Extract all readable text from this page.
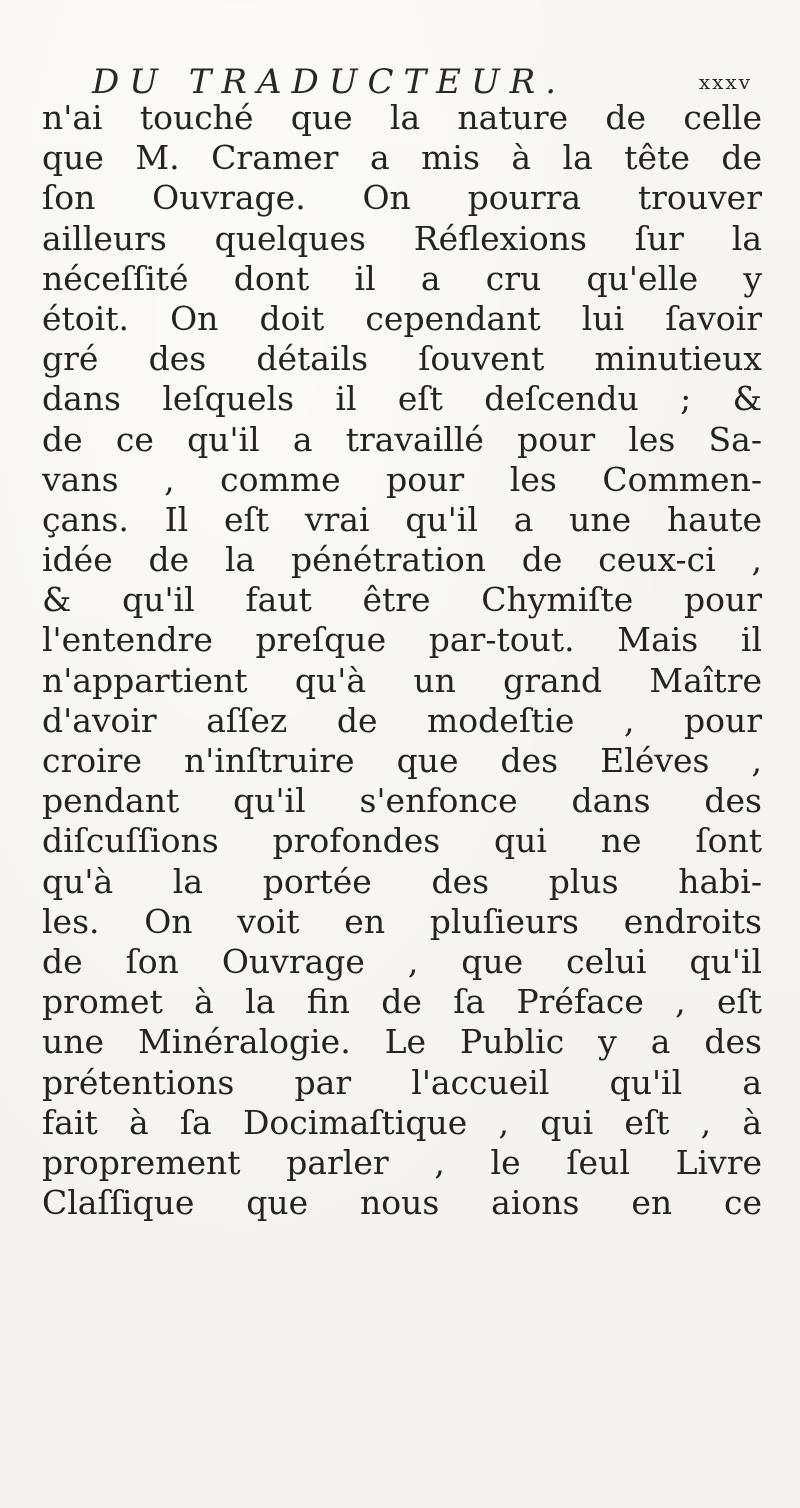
DU TRADUCTEUR.	xxxv
n'ai touché que la nature de celle
que M. Cramer a mis à la tête de
ſon Ouvrage. On pourra trouver
ailleurs quelques Réflexions ſur la
néceſſité dont il a cru qu'elle y
étoit. On doit cependant lui ſavoir
gré des détails ſouvent minutieux
dans leſquels il eſt deſcendu ; &
de ce qu'il a travaillé pour les Sa-
vans , comme pour les Commen-
çans. Il eſt vrai qu'il a une haute
idée de la pénétration de ceux-ci ,
& qu'il faut être Chymiſte pour
l'entendre preſque par-tout. Mais il
n'appartient qu'à un grand Maître
d'avoir aſſez de modeſtie , pour
croire n'inſtruire que des Eléves ,
pendant qu'il s'enfonce dans des
diſcuſſions profondes qui ne ſont
qu'à la portée des plus habi-
les. On voit en pluſieurs endroits
de ſon Ouvrage , que celui qu'il
promet à la fin de ſa Préface , eſt
une Minéralogie. Le Public y a des
prétentions par l'accueil qu'il a
fait à ſa Docimaſtique , qui eſt , à
proprement parler , le ſeul Livre
Claſſique que nous aions en ce
